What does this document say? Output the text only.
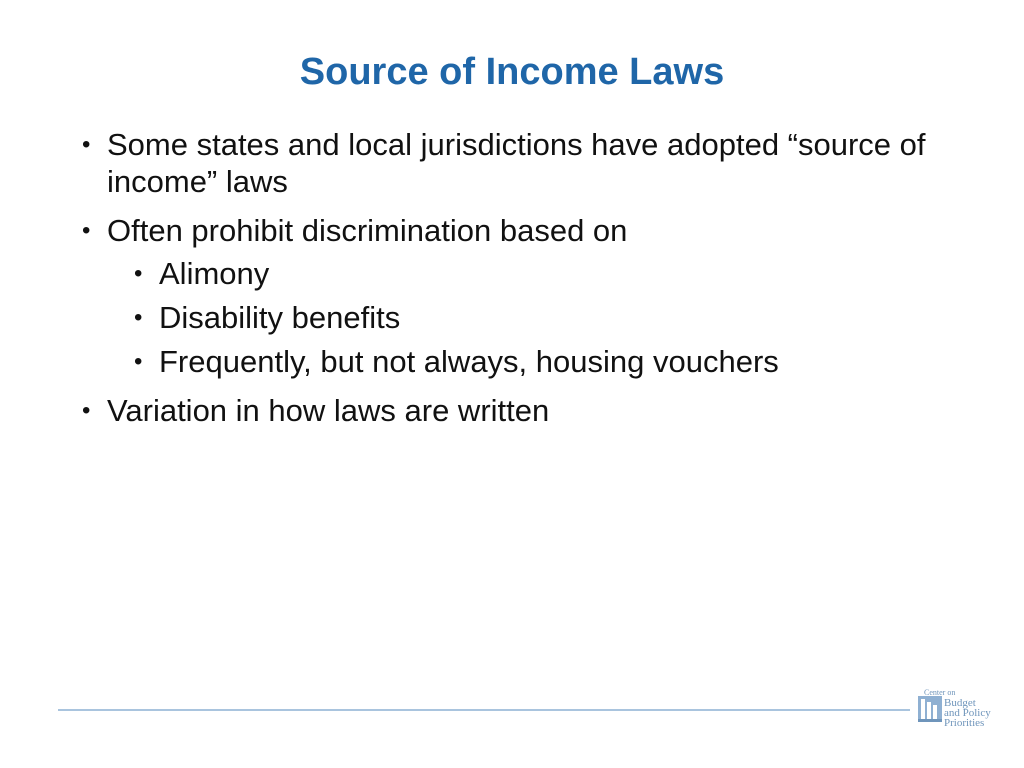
Source of Income Laws
• Some states and local jurisdictions have adopted “source of income” laws
• Often prohibit discrimination based on
• Alimony
• Disability benefits
• Frequently, but not always, housing vouchers
• Variation in how laws are written
Center on
Budget
and Policy
Priorities
